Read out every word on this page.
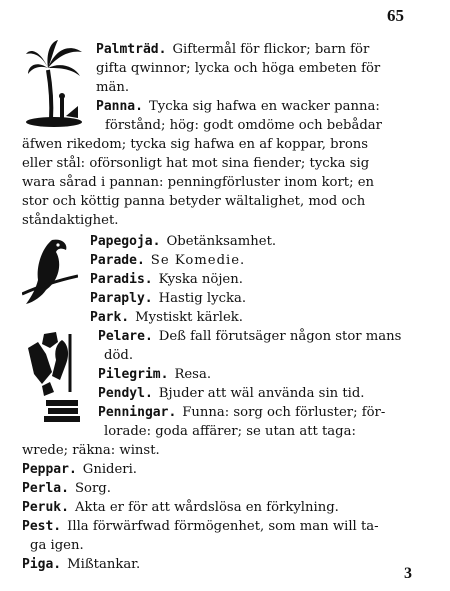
65
Palmträd. Giftermål för flickor; barn för
gifta qwinnor; lycka och höga embeten för
män.
Panna. Tycka sig hafwa en wacker panna:
förstånd; hög: godt omdöme och bebådar
äfwen rikedom; tycka sig hafwa en af koppar, brons
eller stål: oförsonligt hat mot sina fiender; tycka sig
wara sårad i pannan: penningförluster inom kort; en
stor och köttig panna betyder wältalighet, mod och
ståndaktighet.
Papegoja. Obetänksamhet.
Parade. Se Komedie.
Paradis. Kyska nöjen.
Paraply. Hastig lycka.
Park. Mystiskt kärlek.
Pelare. Deß fall förutsäger någon stor mans
död.
Pilegrim. Resa.
Pendyl. Bjuder att wäl använda sin tid.
Penningar. Funna: sorg och förluster; för-
lorade: goda affärer; se utan att taga:
wrede; räkna: winst.
Peppar. Gnideri.
Perla. Sorg.
Peruk. Akta er för att wårdslösa en förkylning.
Pest. Illa förwärfwad förmögenhet, som man will ta-
ga igen.
Piga. Mißtankar.
3
